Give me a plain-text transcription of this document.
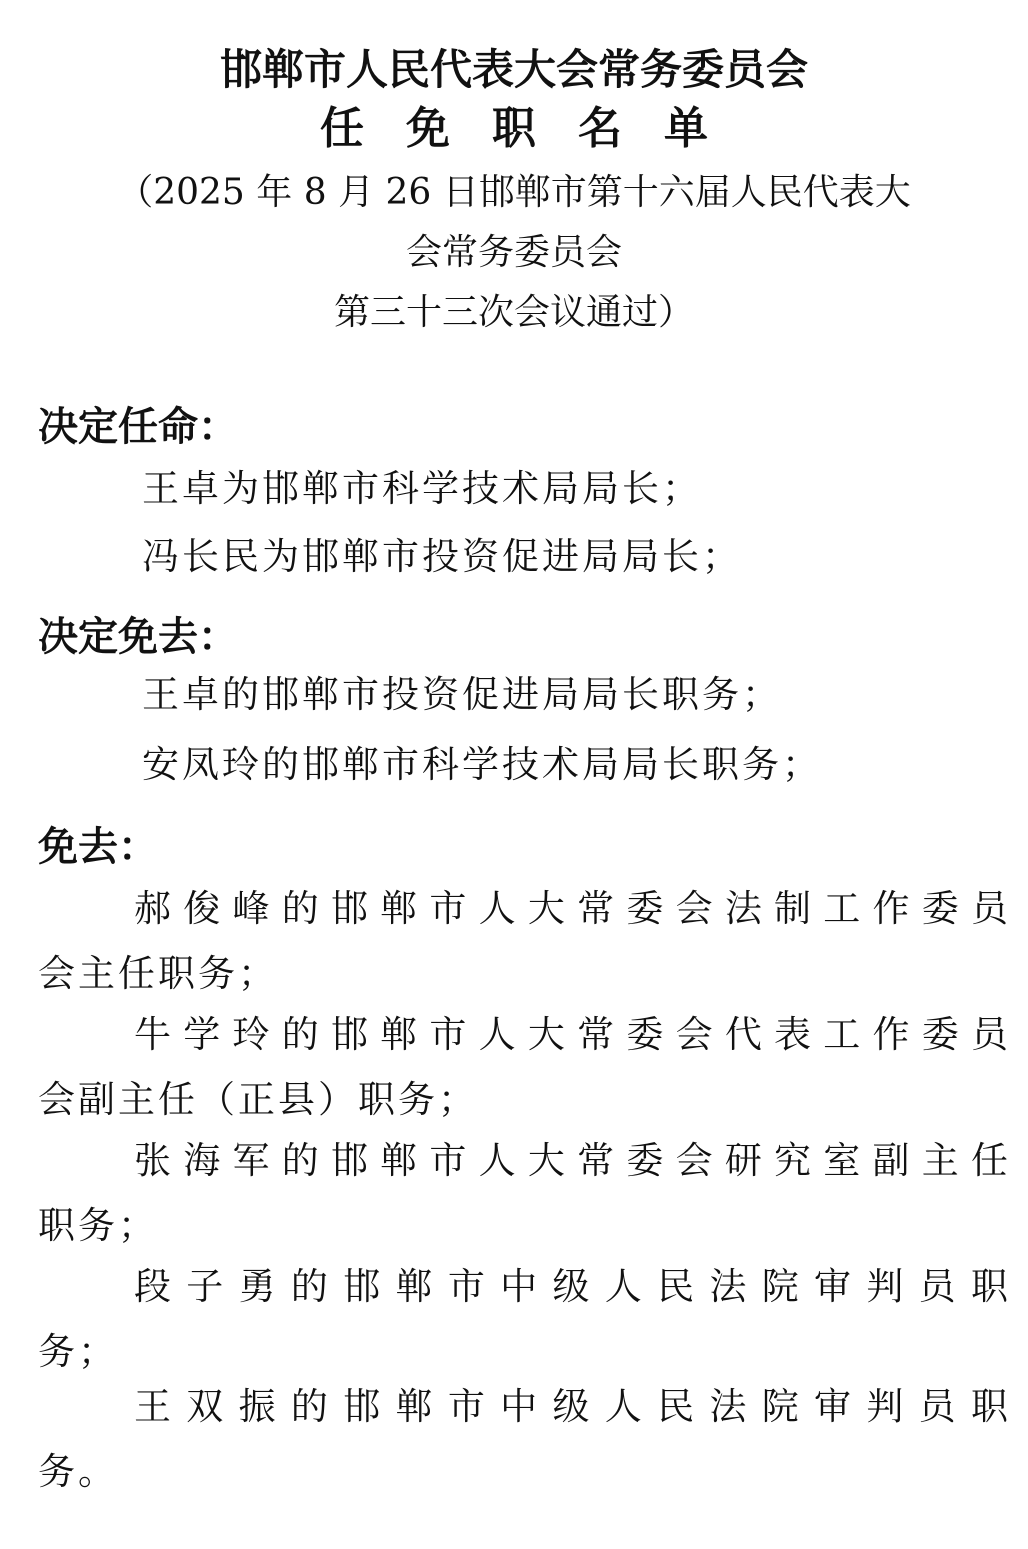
邯郸市人民代表大会常务委员会
任免职名单
（2025 年 8 月 26 日邯郸市第十六届人民代表大
会常务委员会
第三十三次会议通过）
决定任命：
王卓为邯郸市科学技术局局长；
冯长民为邯郸市投资促进局局长；
决定免去：
王卓的邯郸市投资促进局局长职务；
安凤玲的邯郸市科学技术局局长职务；
免去：
郝俊峰的邯郸市人大常委会法制工作委员
会主任职务；
牛学玲的邯郸市人大常委会代表工作委员
会副主任（正县）职务；
张海军的邯郸市人大常委会研究室副主任
职务；
段子勇的邯郸市中级人民法院审判员职
务；
王双振的邯郸市中级人民法院审判员职
务。
